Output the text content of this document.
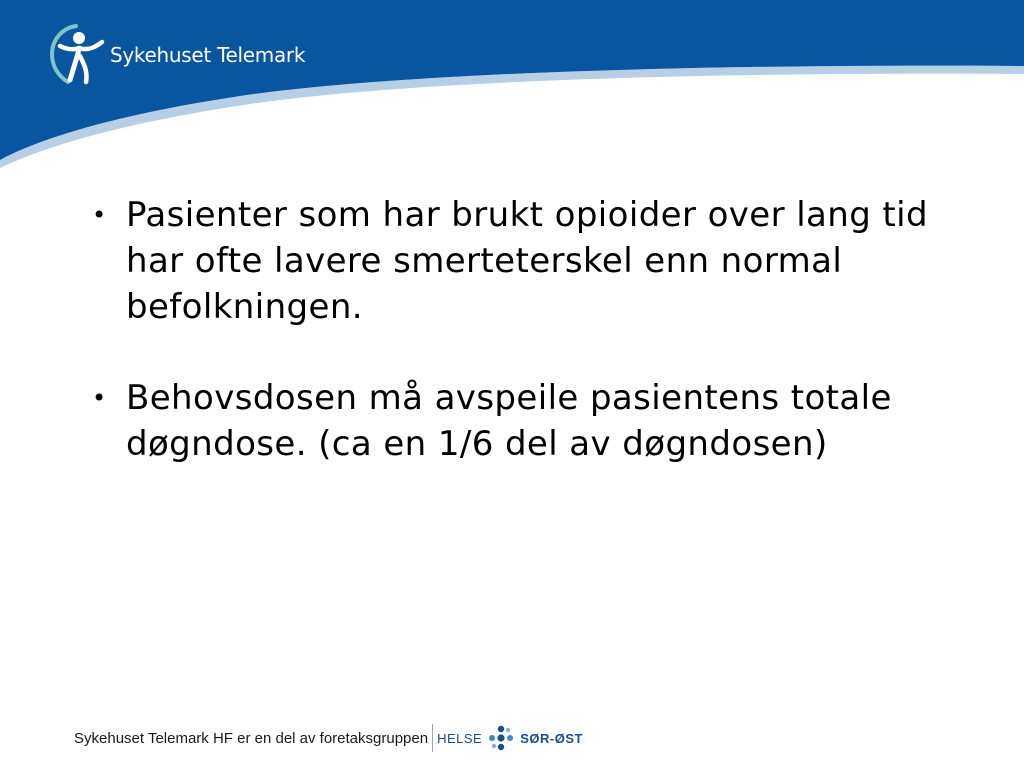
Sykehuset Telemark
• Pasienter som har brukt opioider over lang tid har ofte lavere smerteterskel enn normal befolkningen.
• Behovsdosen må avspeile pasientens totale døgndose. (ca en 1/6 del av døgndosen)
Sykehuset Telemark HF er en del av foretaksgruppen HELSE	SØR-ØST
